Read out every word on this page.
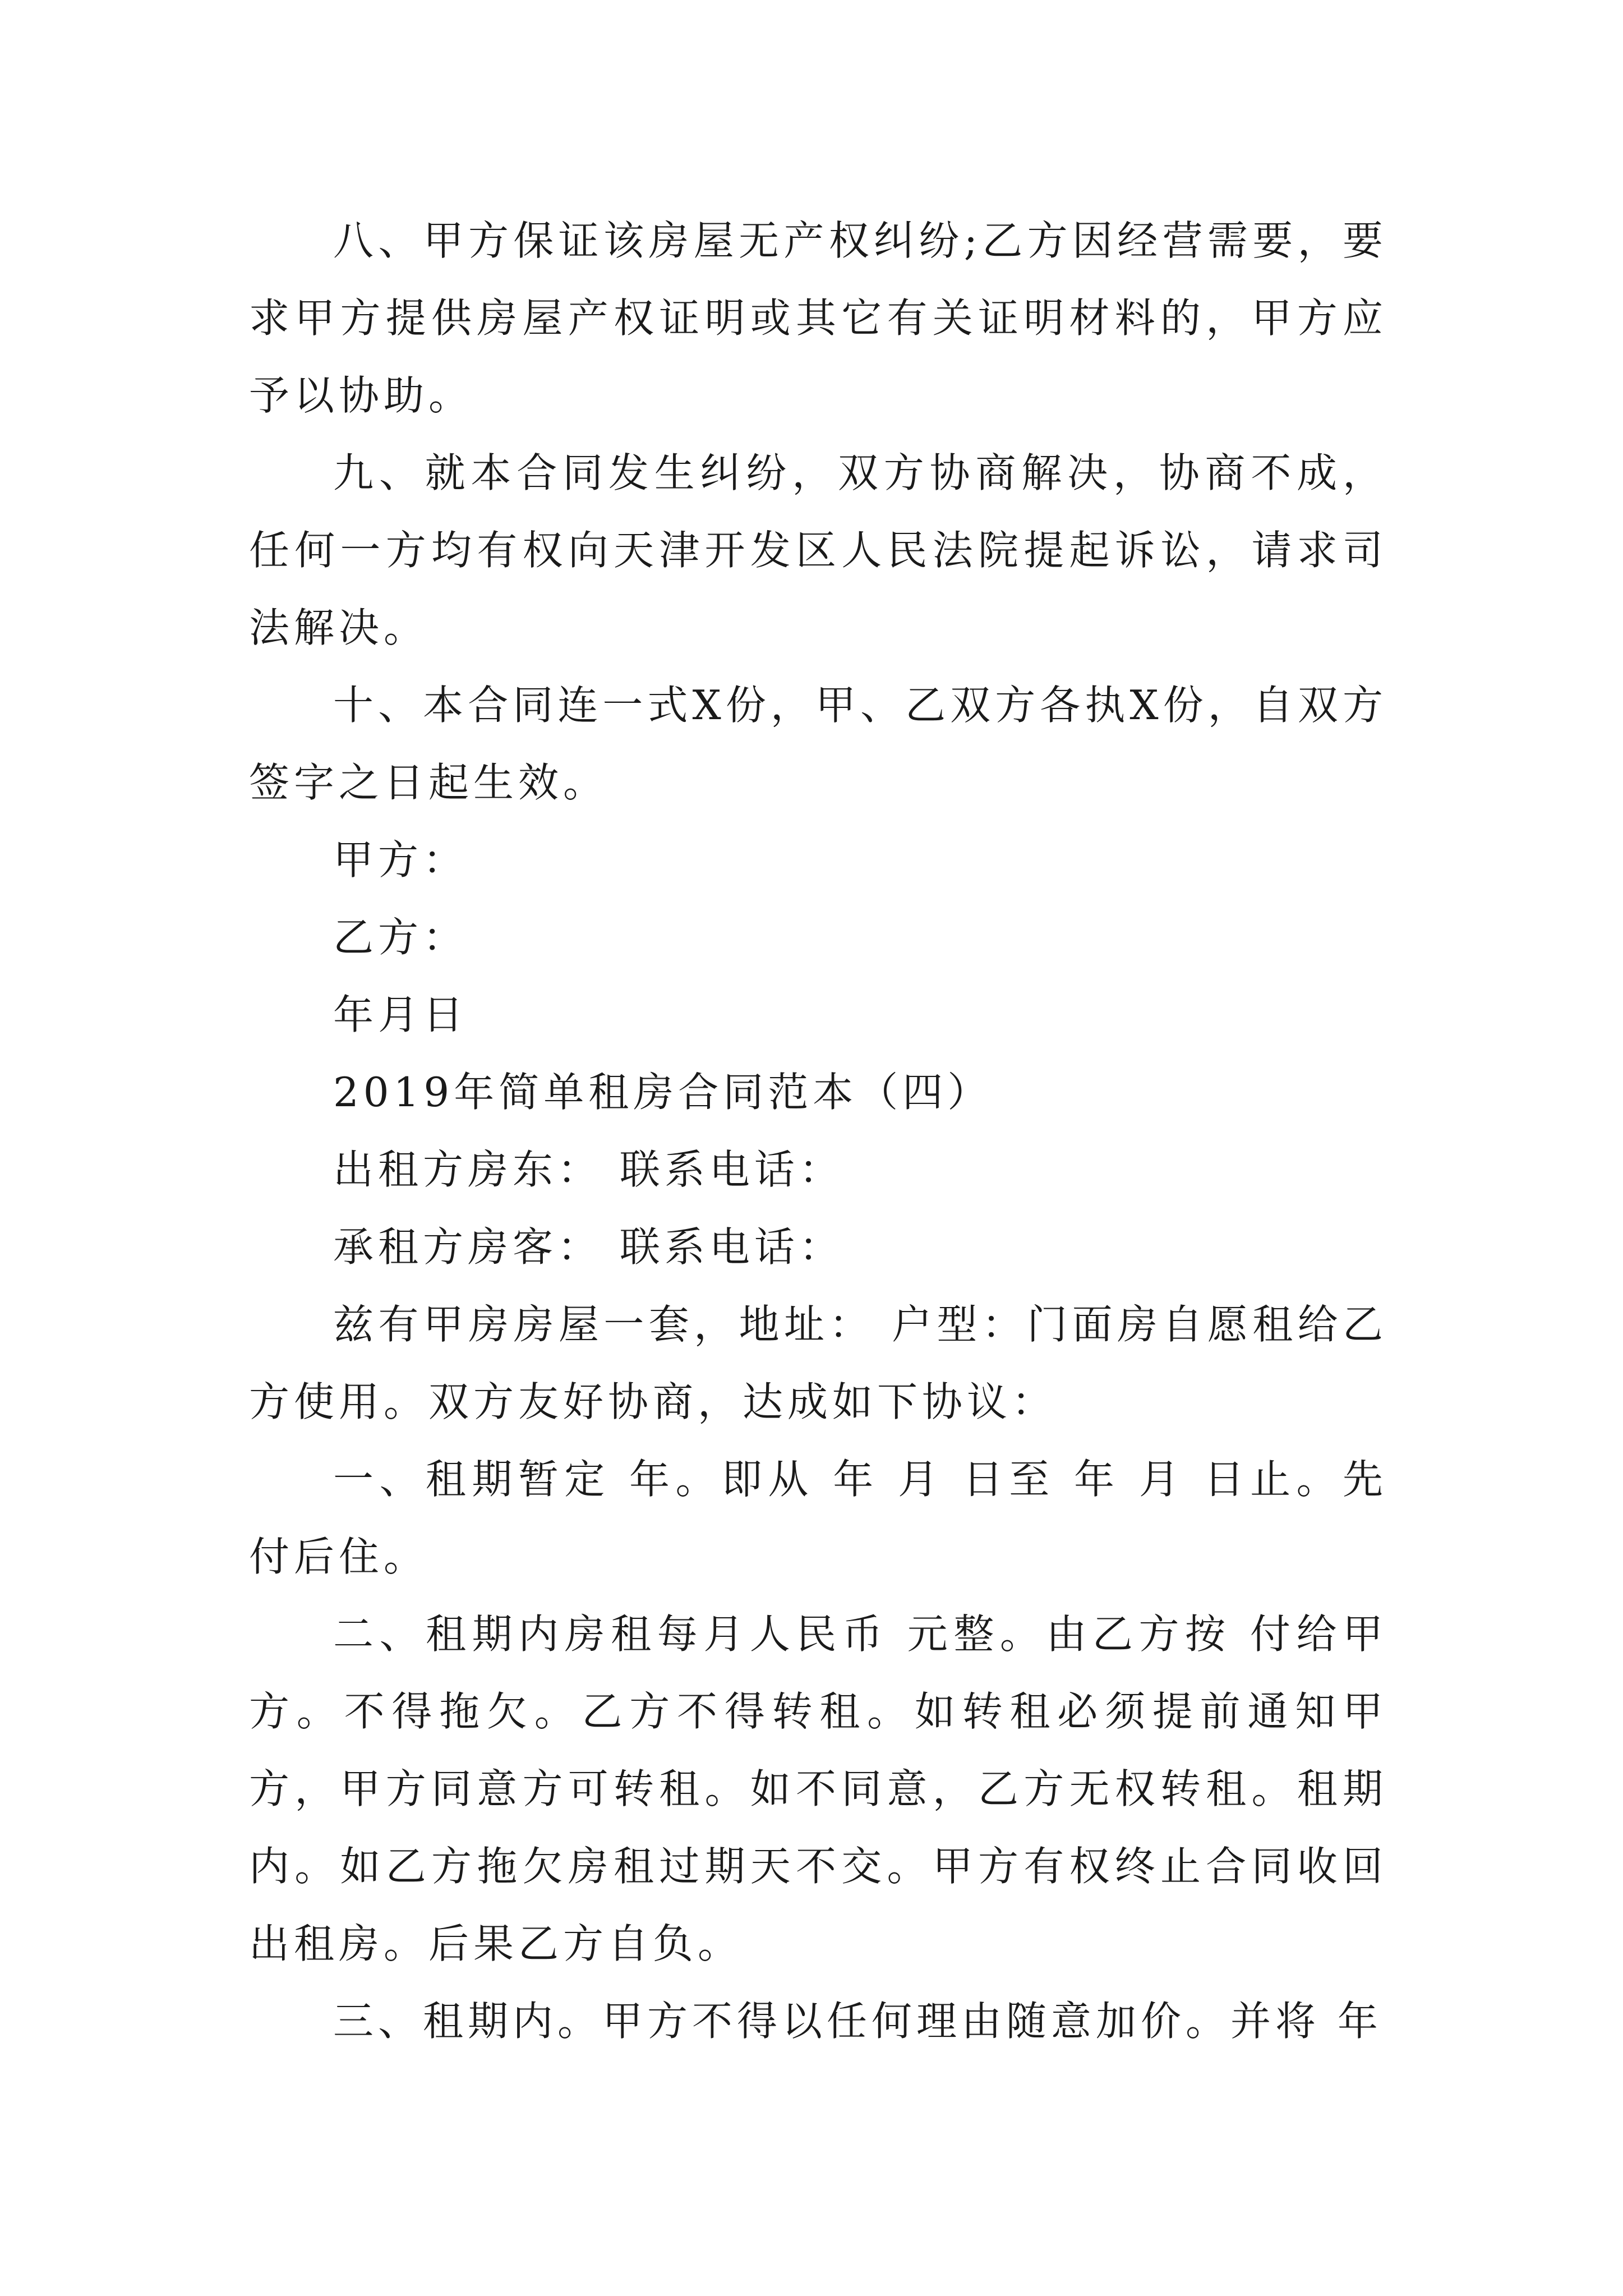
八、甲方保证该房屋无产权纠纷;乙方因经营需要，要求甲方提供房屋产权证明或其它有关证明材料的，甲方应予以协助。

九、就本合同发生纠纷，双方协商解决，协商不成，任何一方均有权向天津开发区人民法院提起诉讼，请求司法解决。

十、本合同连一式X份，甲、乙双方各执X份，自双方签字之日起生效。

甲方：

乙方：

年月日

2019年简单租房合同范本（四）

出租方房东： 联系电话：

承租方房客： 联系电话：

兹有甲房房屋一套，地址： 户型：门面房自愿租给乙方使用。双方友好协商，达成如下协议：

一、租期暂定 年。即从 年 月 日至 年 月 日止。先付后住。

二、租期内房租每月人民币 元整。由乙方按 付给甲方。不得拖欠。乙方不得转租。如转租必须提前通知甲方，甲方同意方可转租。如不同意，乙方无权转租。租期内。如乙方拖欠房租过期天不交。甲方有权终止合同收回出租房。后果乙方自负。

三、租期内。甲方不得以任何理由随意加价。并将 年
